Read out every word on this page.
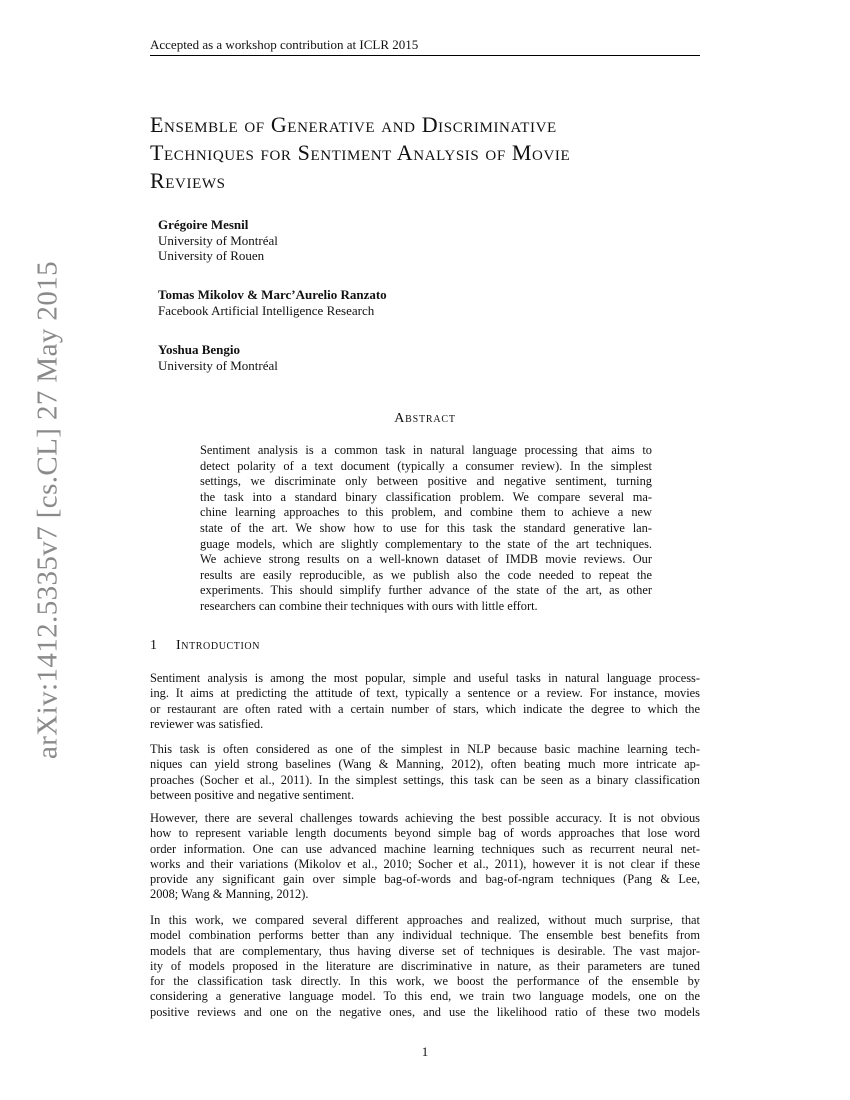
Accepted as a workshop contribution at ICLR 2015
arXiv:1412.5335v7 [cs.CL] 27 May 2015
Ensemble of Generative and Discriminative
Techniques for Sentiment Analysis of Movie
Reviews
Grégoire Mesnil
University of Montréal
University of Rouen
Tomas Mikolov & Marc’Aurelio Ranzato
Facebook Artificial Intelligence Research
Yoshua Bengio
University of Montréal
Abstract
Sentiment analysis is a common task in natural language processing that aims to
detect polarity of a text document (typically a consumer review). In the simplest
settings, we discriminate only between positive and negative sentiment, turning
the task into a standard binary classification problem. We compare several ma-
chine learning approaches to this problem, and combine them to achieve a new
state of the art. We show how to use for this task the standard generative lan-
guage models, which are slightly complementary to the state of the art techniques.
We achieve strong results on a well-known dataset of IMDB movie reviews. Our
results are easily reproducible, as we publish also the code needed to repeat the
experiments. This should simplify further advance of the state of the art, as other
researchers can combine their techniques with ours with little effort.
1 Introduction
Sentiment analysis is among the most popular, simple and useful tasks in natural language process-
ing. It aims at predicting the attitude of text, typically a sentence or a review. For instance, movies
or restaurant are often rated with a certain number of stars, which indicate the degree to which the
reviewer was satisfied.
This task is often considered as one of the simplest in NLP because basic machine learning tech-
niques can yield strong baselines (Wang & Manning, 2012), often beating much more intricate ap-
proaches (Socher et al., 2011). In the simplest settings, this task can be seen as a binary classification
between positive and negative sentiment.
However, there are several challenges towards achieving the best possible accuracy. It is not obvious
how to represent variable length documents beyond simple bag of words approaches that lose word
order information. One can use advanced machine learning techniques such as recurrent neural net-
works and their variations (Mikolov et al., 2010; Socher et al., 2011), however it is not clear if these
provide any significant gain over simple bag-of-words and bag-of-ngram techniques (Pang & Lee,
2008; Wang & Manning, 2012).
In this work, we compared several different approaches and realized, without much surprise, that
model combination performs better than any individual technique. The ensemble best benefits from
models that are complementary, thus having diverse set of techniques is desirable. The vast major-
ity of models proposed in the literature are discriminative in nature, as their parameters are tuned
for the classification task directly. In this work, we boost the performance of the ensemble by
considering a generative language model. To this end, we train two language models, one on the
positive reviews and one on the negative ones, and use the likelihood ratio of these two models
1
